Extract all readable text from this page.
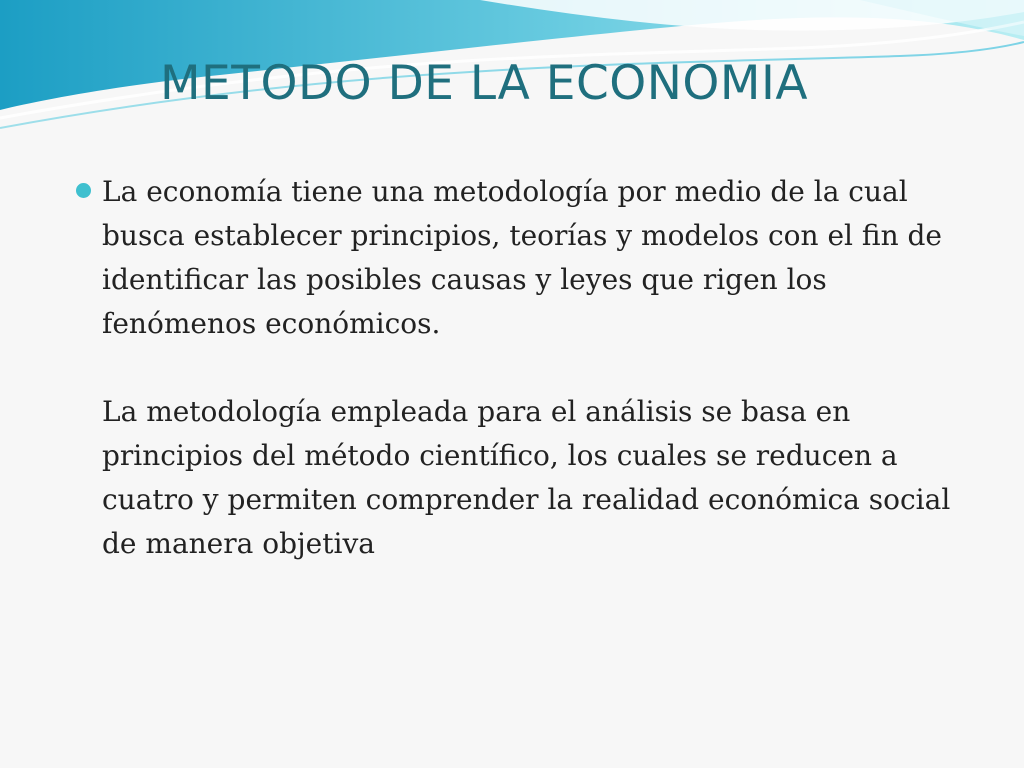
METODO DE LA ECONOMIA
La economía tiene una metodología por medio de la cual busca establecer principios, teorías y modelos con el fin de identificar las posibles causas y leyes que rigen los fenómenos económicos.
La metodología empleada para el análisis se basa en principios del método científico, los cuales se reducen a cuatro y permiten comprender la realidad económica social de manera objetiva
